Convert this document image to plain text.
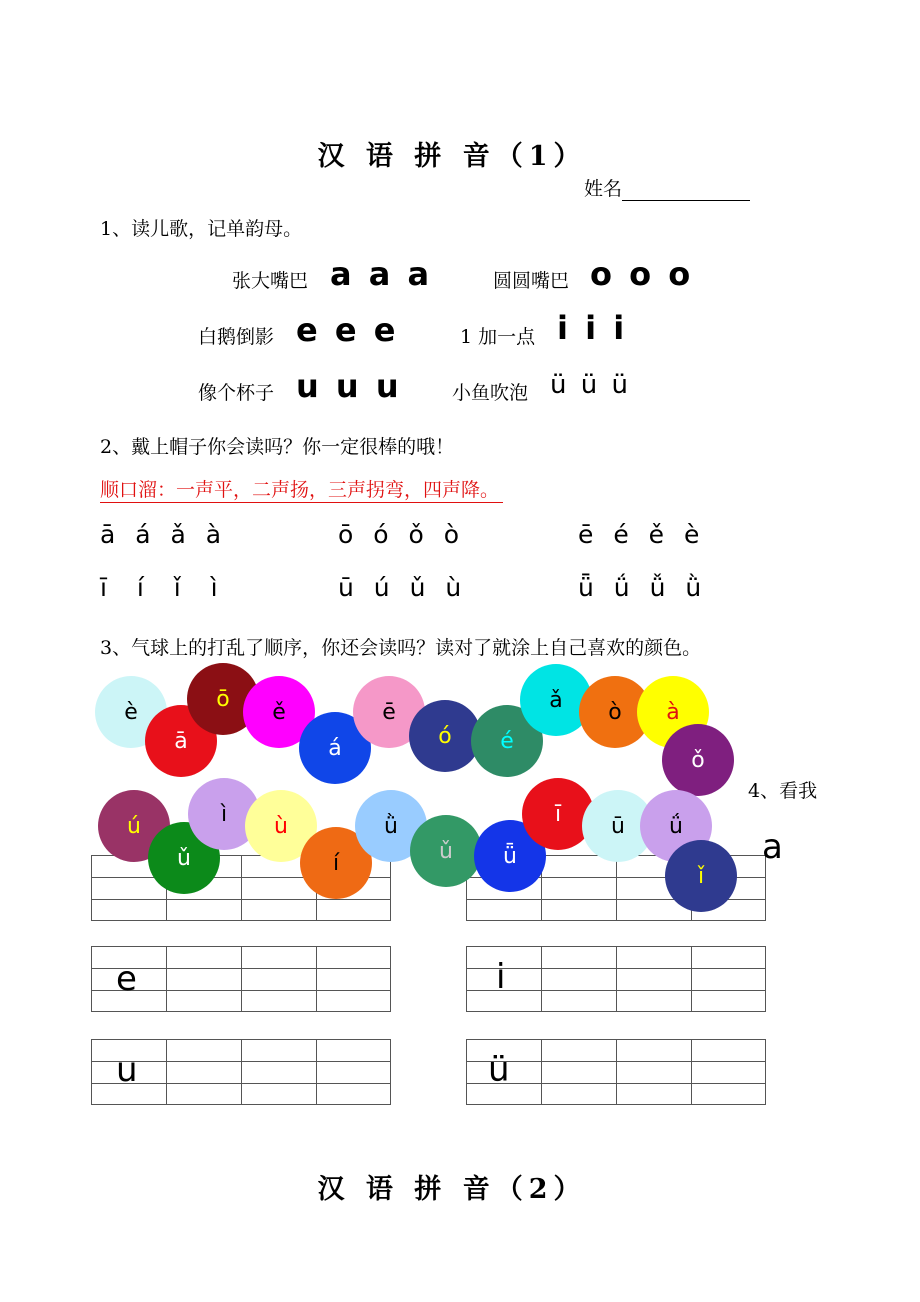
汉 语 拼 音（1）
姓名
1、读儿歌，记单韵母。
张大嘴巴 a a a	圆圆嘴巴 o o o
白鹅倒影 e e e	1 加一点 i i i
像个杯子 u u u	小鱼吹泡 ü ü ü
2、戴上帽子你会读吗？你一定很棒的哦！
顺口溜：一声平，二声扬，三声拐弯，四声降。
ā á ǎ à	ō ó ǒ ò	ē é ě è
ī í ǐ ì	ū ú ǔ ù	ǖ ǘ ǚ ǜ
3、气球上的打乱了顺序，你还会读吗？读对了就涂上自己喜欢的颜色。
4、看我
a
e	i
u	ü
è
ā
ō
ě
á
ē
ó é
ǎ ò à
ǒ
ú
ǔ
ì ù
í
ǜ
ǔ ǖ
ī ū ǘ
ǐ
汉 语 拼 音（2）
